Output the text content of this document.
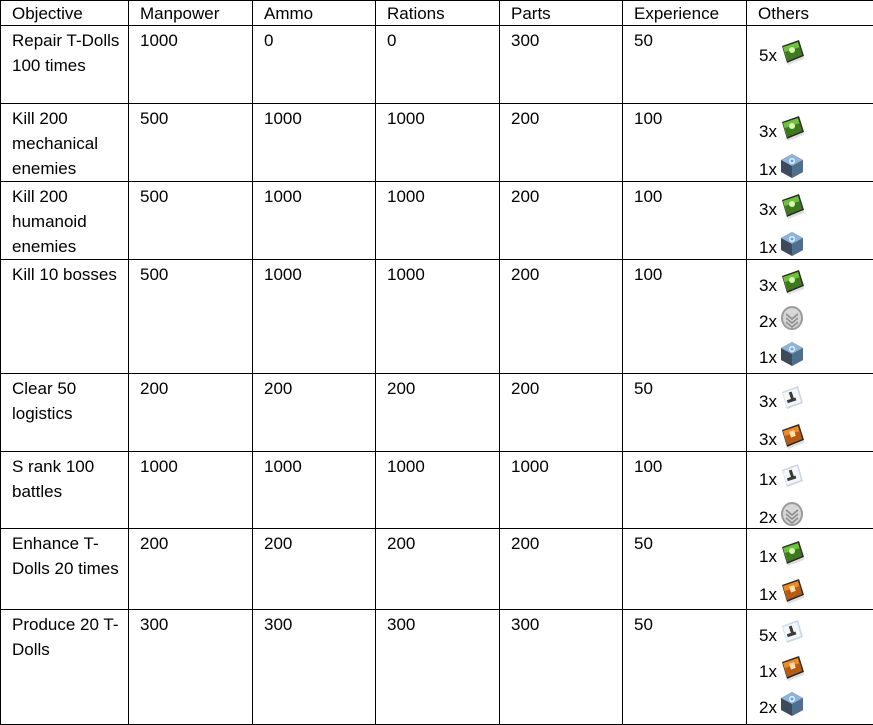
Objective	Manpower	Ammo	Rations	Parts	Experience	Others
Repair T-Dolls 100 times	1000	0	0	300	50	5x

Kill 200 mechanical enemies	500	1000	1000	200	100	3x
1x

Kill 200 humanoid enemies	500	1000	1000	200	100	3x
1x

Kill 10 bosses	500	1000	1000	200	100	3x
2x
1x

Clear 50 logistics	200	200	200	200	50	3x
3x

S rank 100 battles	1000	1000	1000	1000	100	1x
2x

Enhance T-Dolls 20 times	200	200	200	200	50	1x
1x

Produce 20 T-Dolls	300	300	300	300	50	5x
1x
2x
